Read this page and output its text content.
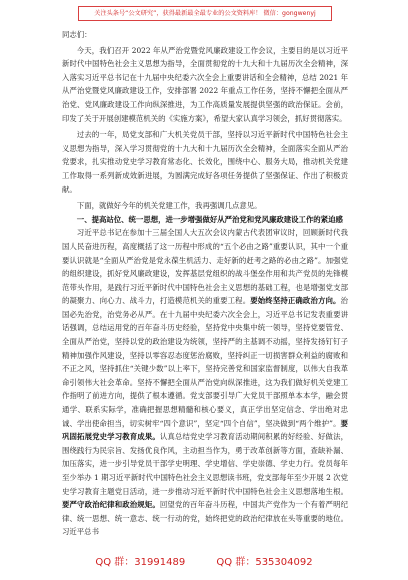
关注头条号“公文研究”，获得最新最全最专业的公文资料库！ 微信：gongwenyj

同志们：

今天，我们召开 2022 年从严治党暨党风廉政建设工作会议，主要目的是以习近平新时代中国特色社会主义思想为指导，全面贯彻党的十九大和十九届历次全会精神，深入落实习近平总书记在十九届中央纪委六次全会上重要讲话和全会精神，总结 2021 年从严治党暨党风廉政建设工作，安排部署 2022 年重点工作任务，坚持不懈把全面从严治党、党风廉政建设工作向纵深推进，为工作高质量发展提供坚强的政治保证。会前，印发了关于开展创建模范机关的《实施方案》，希望大家认真学习领会，抓好贯彻落实。

过去的一年，局党支部和广大机关党员干部，坚持以习近平新时代中国特色社会主义思想为指导，深入学习贯彻党的十九大和十九届历次全会精神，全面落实全面从严治党要求，扎实推动党史学习教育常态化、长效化，围绕中心、服务大局，推动机关党建工作取得一系列新成效新进展，为圆满完成好各项任务提供了坚强保证、作出了积极贡献。

下面，就做好今年的机关党建工作，我再强调几点意见。

一、提高站位、统一思想，进一步增强做好从严治党和党风廉政建设工作的紧迫感

习近平总书记在参加十三届全国人大五次会议内蒙古代表团审议时，回顾新时代我国人民奋进历程，高度概括了这一历程中形成的“五个必由之路”重要认识，其中一个重要认识就是“全面从严治党是党永葆生机活力、走好新的赶考之路的必由之路”。加强党的组织建设，抓好党风廉政建设，发挥基层党组织的战斗堡垒作用和共产党员的先锋模范带头作用，是践行习近平新时代中国特色社会主义思想的基础工程，也是增强党支部的凝聚力、向心力、战斗力，打造模范机关的重要工程。要始终坚持正确政治方向。治国必先治党，治党务必从严。在十九届中央纪委六次全会上，习近平总书记发表重要讲话强调，总结运用党的百年奋斗历史经验，坚持党中央集中统一领导，坚持党要管党、全面从严治党，坚持以党的政治建设为统领，坚持严的主基调不动摇，坚持发扬钉钉子精神加强作风建设，坚持以零容忍态度惩治腐败，坚持纠正一切损害群众利益的腐败和不正之风，坚持抓住“关键少数”以上率下，坚持完善党和国家监督制度，以伟大自我革命引领伟大社会革命。坚持不懈把全面从严治党向纵深推进，这为我们做好机关党建工作指明了前进方向，提供了根本遵循。党支部要引导广大党员干部照单本本学，融会贯通学、联系实际学，准确把握思想精髓和核心要义，真正学出坚定信念、学出绝对忠诚、学出使命担当，切实树牢“四个意识”，坚定“四个自信”，坚决做到“两个维护”。要巩固拓展党史学习教育成果。认真总结党史学习教育活动期间积累的好经验、好做法，围绕践行为民宗旨、发扬优良作风，主动担当作为，勇于改革创新等方面，查缺补漏、加压落实，进一步引导党员干部学史明理、学史增信、学史崇德、学史力行。党员每年至少举办 1 期习近平新时代中国特色社会主义思想读书班，党支部每年至少开展 2 次党史学习教育主题党日活动，进一步推动习近平新时代中国特色社会主义思想落地生根。要严守政治纪律和政治规矩。回望党的百年奋斗历程，中国共产党作为一个有着严明纪律、统一思想、统一意志、统一行动的党，始终把党的政治纪律放在头等重要的地位。习近平总书

QQ 群：31991489	QQ 群：535304092
